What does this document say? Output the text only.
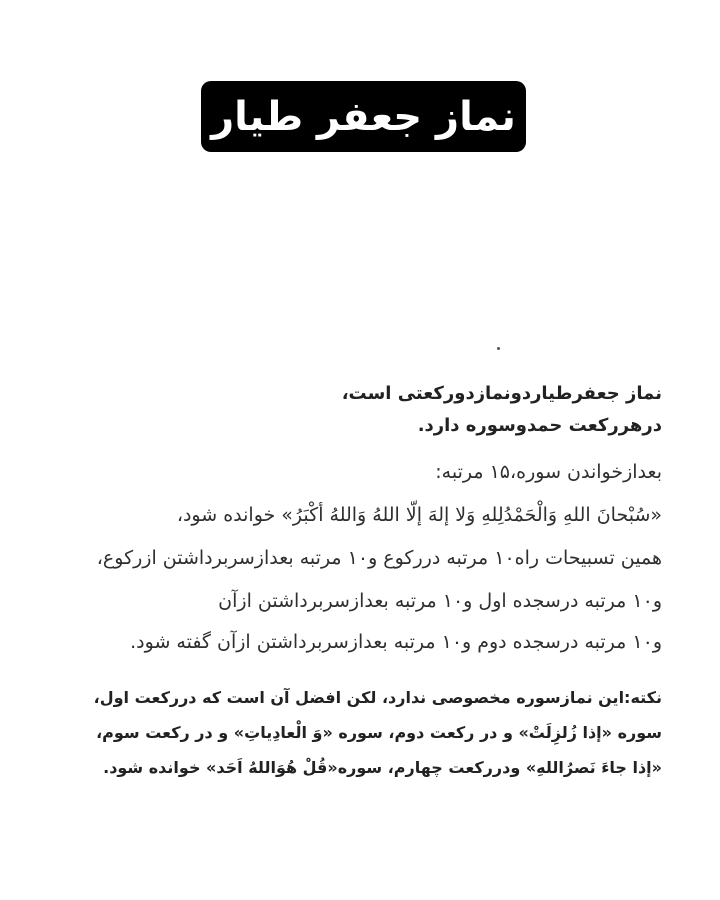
نماز جعفر طیار
نماز جعفرطیاردونمازدورکعتی است،
درهررکعت حمدوسوره دارد.
بعدازخواندن سوره،۱۵ مرتبه:
«سُبْحانَ اللهِ وَالْحَمْدُلِلهِ وَلا إلهَ إلّا اللهُ وَاللهُ أكْبَرُ» خوانده شود،
همین تسبیحات راه۱۰ مرتبه دررکوع و۱۰ مرتبه بعدازسربرداشتن ازرکوع،
و۱۰ مرتبه درسجده اول و۱۰ مرتبه بعدازسربرداشتن ازآن
و۱۰ مرتبه درسجده دوم و۱۰ مرتبه بعدازسربرداشتن ازآن گفته شود.
نکته:این نمازسوره مخصوصی ندارد، لکن افضل آن است که دررکعت اول،
سوره «إذا زُلزِلَتْ» و در رکعت دوم، سوره «وَ الْعادِیاتِ» و در رکعت سوم،
«إذا جاءَ نَصرُاللهِ» ودررکعت چهارم، سوره«قُلْ هُوَاللهُ اَحَد» خوانده شود.
